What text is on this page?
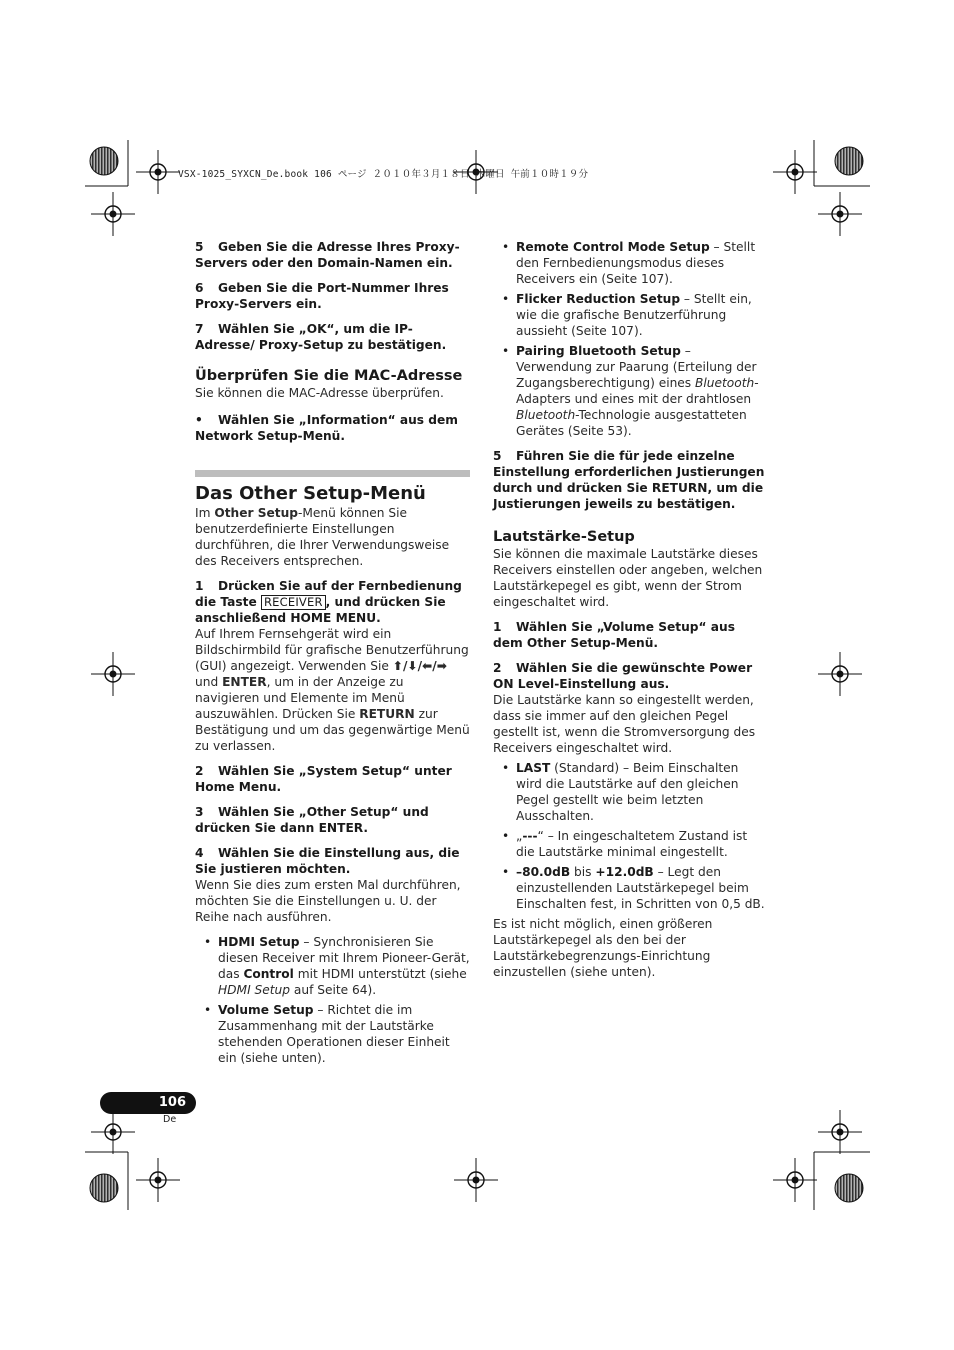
VSX-1025_SYXCN_De.book 106 ページ ２０１０年３月１８日 木曜日 午前１０時１９分
5 Geben Sie die Adresse Ihres Proxy-Servers oder den Domain-Namen ein.
6 Geben Sie die Port-Nummer Ihres Proxy-Servers ein.
7 Wählen Sie „OK“, um die IP-Adresse/ Proxy-Setup zu bestätigen.
Überprüfen Sie die MAC-Adresse
Sie können die MAC-Adresse überprüfen.
• Wählen Sie „Information“ aus dem Network Setup-Menü.
Das Other Setup-Menü
Im Other Setup-Menü können Sie benutzerdefinierte Einstellungen durchführen, die Ihrer Verwendungsweise des Receivers entsprechen.
1 Drücken Sie auf der Fernbedienung die Taste RECEIVER , und drücken Sie anschließend HOME MENU.
Auf Ihrem Fernsehgerät wird ein Bildschirmbild für grafische Benutzerführung (GUI) angezeigt. Verwenden Sie ⬆/⬇/⬅/➡ und ENTER, um in der Anzeige zu navigieren und Elemente im Menü auszuwählen. Drücken Sie RETURN zur Bestätigung und um das gegenwärtige Menü zu verlassen.
2 Wählen Sie „System Setup“ unter Home Menu.
3 Wählen Sie „Other Setup“ und drücken Sie dann ENTER.
4 Wählen Sie die Einstellung aus, die Sie justieren möchten.
Wenn Sie dies zum ersten Mal durchführen, möchten Sie die Einstellungen u. U. der Reihe nach ausführen.
• HDMI Setup – Synchronisieren Sie diesen Receiver mit Ihrem Pioneer-Gerät, das Control mit HDMI unterstützt (siehe HDMI Setup auf Seite 64).
• Volume Setup – Richtet die im Zusammenhang mit der Lautstärke stehenden Operationen dieser Einheit ein (siehe unten).
• Remote Control Mode Setup – Stellt den Fernbedienungsmodus dieses Receivers ein (Seite 107).
• Flicker Reduction Setup – Stellt ein, wie die grafische Benutzerführung aussieht (Seite 107).
• Pairing Bluetooth Setup – Verwendung zur Paarung (Erteilung der Zugangsberechtigung) eines Bluetooth-Adapters und eines mit der drahtlosen Bluetooth-Technologie ausgestatteten Gerätes (Seite 53).
5 Führen Sie die für jede einzelne Einstellung erforderlichen Justierungen durch und drücken Sie RETURN, um die Justierungen jeweils zu bestätigen.
Lautstärke-Setup
Sie können die maximale Lautstärke dieses Receivers einstellen oder angeben, welchen Lautstärkepegel es gibt, wenn der Strom eingeschaltet wird.
1 Wählen Sie „Volume Setup“ aus dem Other Setup-Menü.
2 Wählen Sie die gewünschte Power ON Level-Einstellung aus.
Die Lautstärke kann so eingestellt werden, dass sie immer auf den gleichen Pegel gestellt ist, wenn die Stromversorgung des Receivers eingeschaltet wird.
• LAST (Standard) – Beim Einschalten wird die Lautstärke auf den gleichen Pegel gestellt wie beim letzten Ausschalten.
• „---“ – In eingeschaltetem Zustand ist die Lautstärke minimal eingestellt.
• –80.0dB bis +12.0dB – Legt den einzustellenden Lautstärkepegel beim Einschalten fest, in Schritten von 0,5 dB.
Es ist nicht möglich, einen größeren Lautstärkepegel als den bei der Lautstärkebegrenzungs-Einrichtung einzustellen (siehe unten).
106
De
